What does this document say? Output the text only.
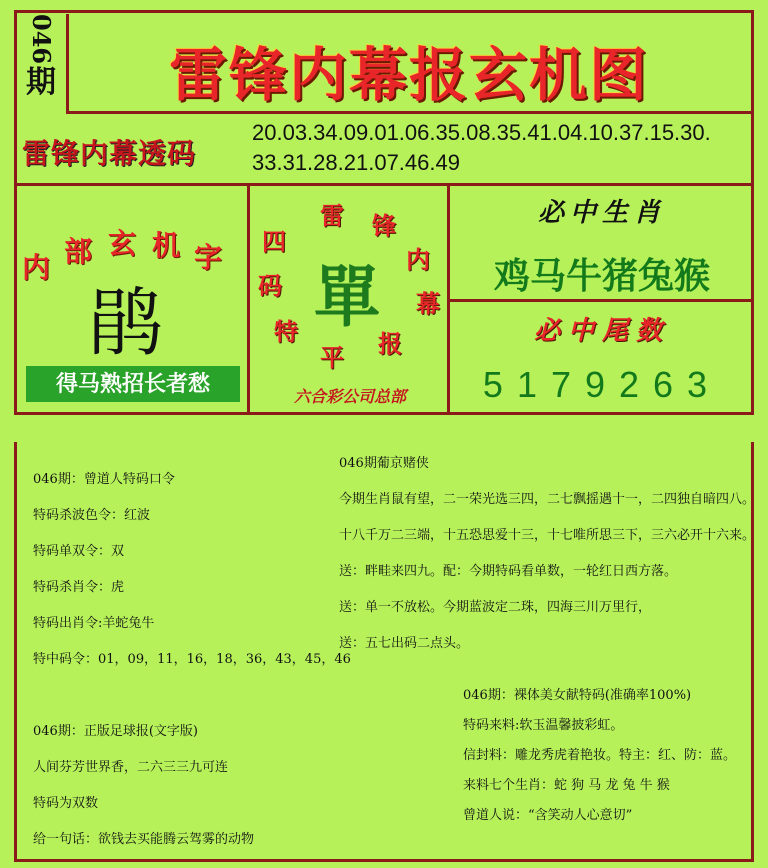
046
期	雷锋内幕报玄机图
雷锋内幕透码
20.03.34.09.01.06.35.08.35.41.04.10.37.15.30.
33.31.28.21.07.46.49
内 部 玄 机 字
鹃
得马熟招长者愁
雷 锋
内
幕
报
平
特
码
四
單
六合彩公司总部
必中生肖
鸡马牛猪兔猴
必中尾数
5179263
046期：曾道人特码口令
特码杀波色令：红波
特码单双令：双
特码杀肖令：虎
特码出肖令:羊蛇兔牛
特中码令：01，09，11，16，18，36，43，45，46
046期：正版足球报(文字版)
人间芬芳世界香，二六三三九可连
特码为双数
给一句话：欲钱去买能腾云驾雾的动物
046期葡京赌侠
今期生肖鼠有望，二一荣光选三四，二七飘摇遇十一，二四独自暗四八。
十八千万二三端，十五恐思爱十三，十七唯所思三下，三六必开十六来。
送：畔畦来四九。配：今期特码看单数，一轮红日西方落。
送：单一不放松。今期蓝波定二珠，四海三川万里行，
送：五七出码二点头。
046期：裸体美女献特码(准确率100%)
特码来料:软玉温馨披彩虹。
信封料：雕龙秀虎着艳妆。特主：红、防：蓝。
来料七个生肖：蛇 狗 马 龙 兔 牛 猴
曾道人说：“含笑动人心意切”
